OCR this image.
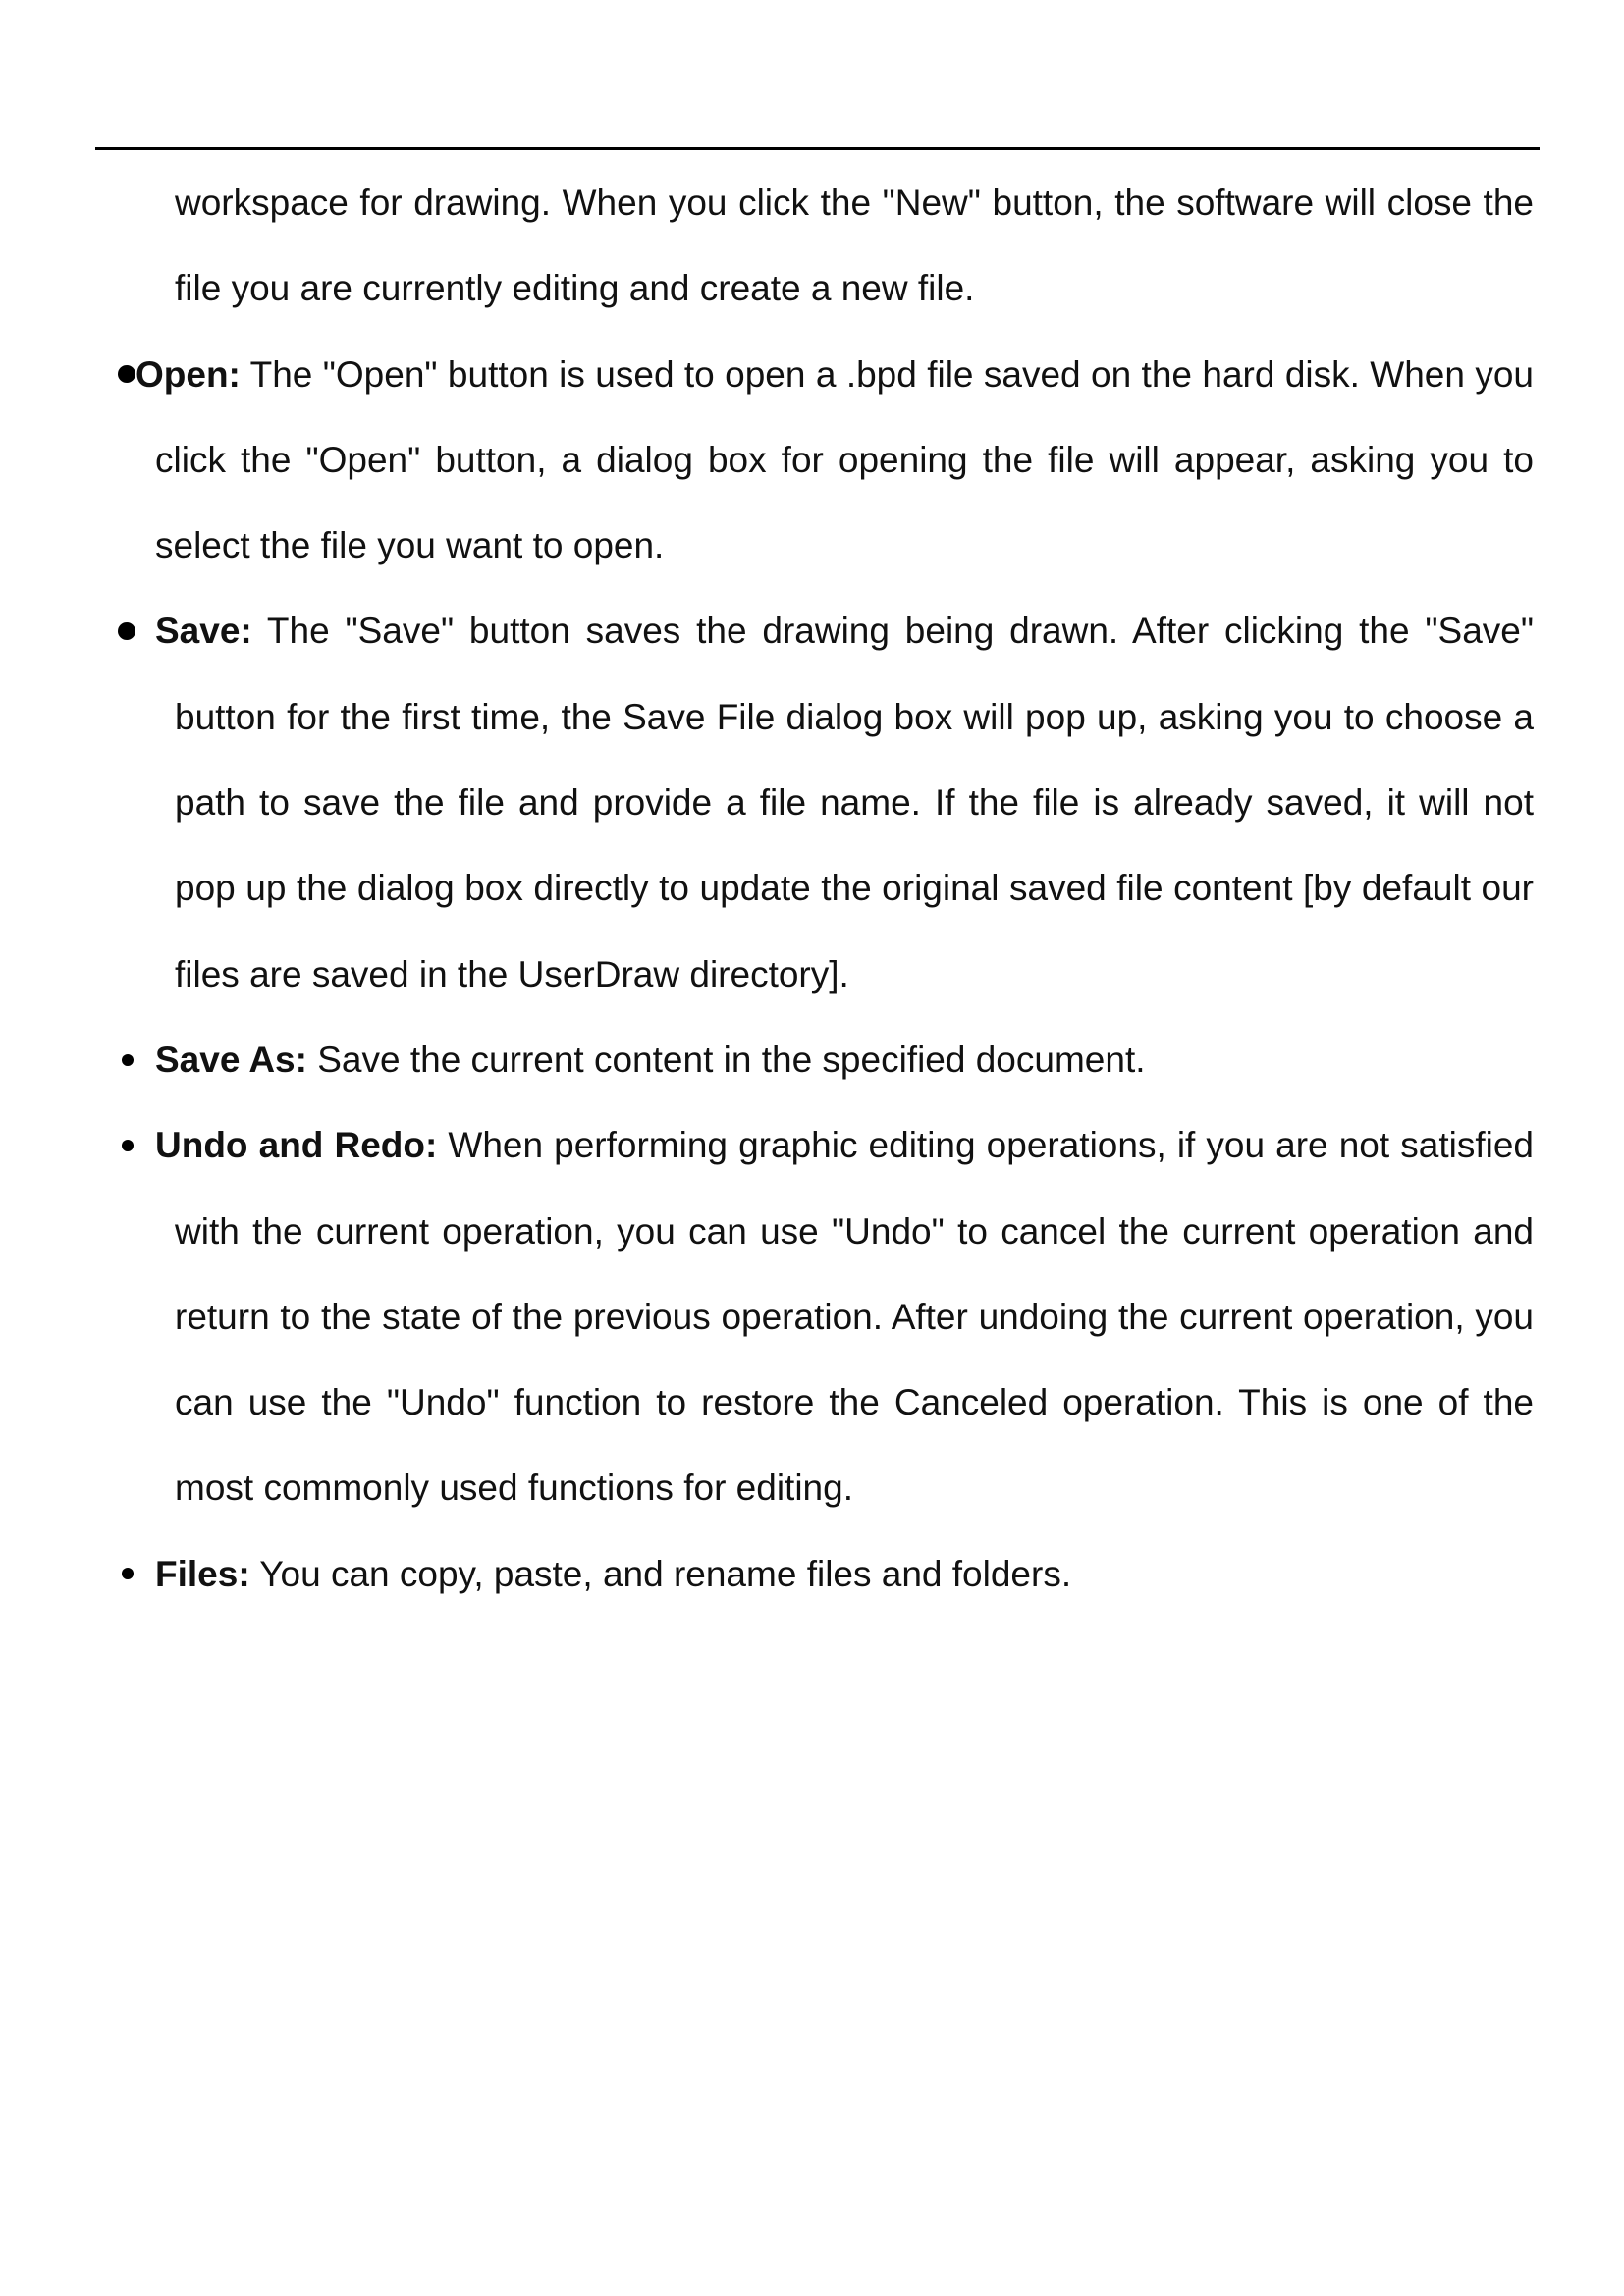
workspace for drawing. When you click the "New" button, the software will close the file you are currently editing and create a new file.

Open: The "Open" button is used to open a .bpd file saved on the hard disk. When you click the "Open" button, a dialog box for opening the file will appear, asking you to select the file you want to open.
Save: The "Save" button saves the drawing being drawn. After clicking the "Save" button for the first time, the Save File dialog box will pop up, asking you to choose a path to save the file and provide a file name. If the file is already saved, it will not pop up the dialog box directly to update the original saved file content [by default our files are saved in the UserDraw directory].
Save As: Save the current content in the specified document.
Undo and Redo: When performing graphic editing operations, if you are not satisfied with the current operation, you can use "Undo" to cancel the current operation and return to the state of the previous operation. After undoing the current operation, you can use the "Undo" function to restore the Canceled operation. This is one of the most commonly used functions for editing.
Files: You can copy, paste, and rename files and folders.
